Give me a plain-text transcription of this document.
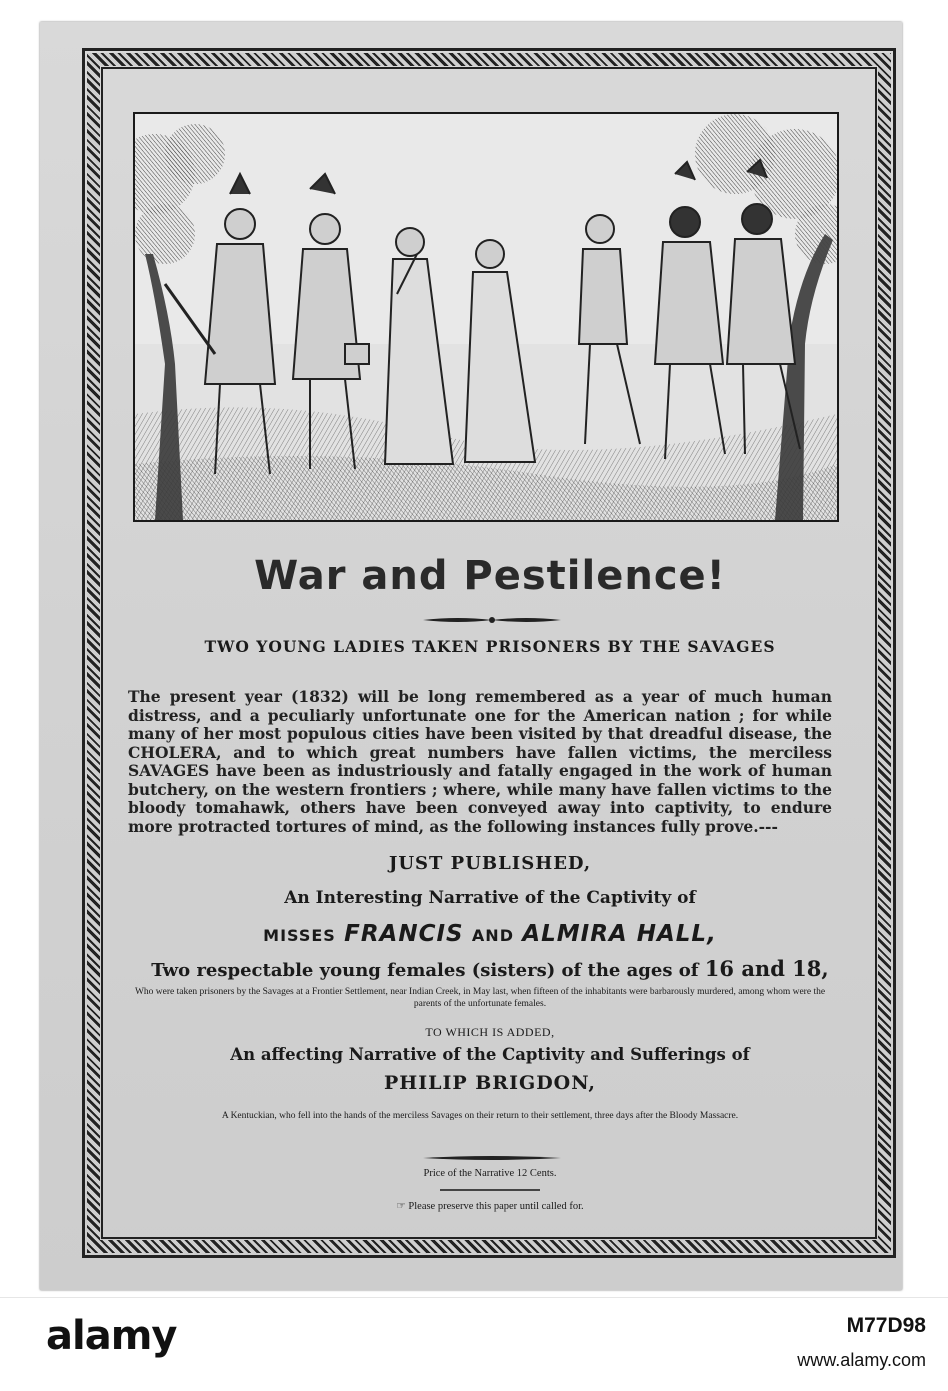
War and Pestilence!
TWO YOUNG LADIES TAKEN PRISONERS BY THE SAVAGES
The present year (1832) will be long remembered as a year of much human distress, and a peculiarly unfortunate one for the American nation ; for while many of her most populous cities have been visited by that dreadful disease, the CHOLERA, and to which great numbers have fallen victims, the merciless SAVAGES have been as industriously and fatally engaged in the work of human butchery, on the western frontiers ; where, while many have fallen victims to the bloody tomahawk, others have been conveyed away into captivity, to endure more protracted tortures of mind, as the following instances fully prove.---
JUST PUBLISHED,
An Interesting Narrative of the Captivity of
MISSES FRANCIS AND ALMIRA HALL,
Two respectable young females (sisters) of the ages of 16 and 18,
Who were taken prisoners by the Savages at a Frontier Settlement, near Indian Creek, in May last, when fifteen of the inhabitants were barbarously murdered, among whom were the parents of the unfortunate females.
TO WHICH IS ADDED,
An affecting Narrative of the Captivity and Sufferings of
PHILIP BRIGDON,
A Kentuckian, who fell into the hands of the merciless Savages on their return to their settlement, three days after the Bloody Massacre.
Price of the Narrative 12 Cents.
☞ Please preserve this paper until called for.
alamy	M77D98
www.alamy.com
